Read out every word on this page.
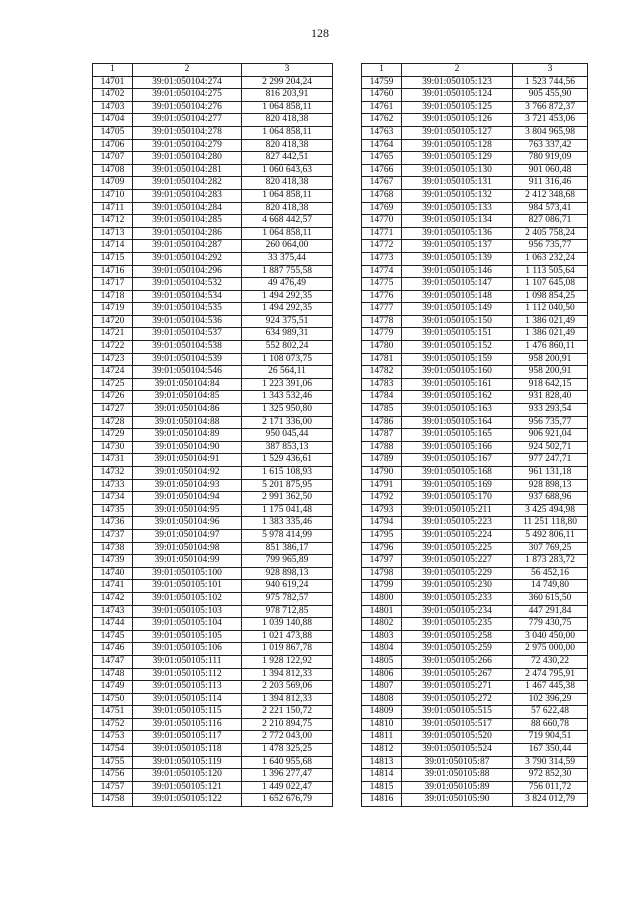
128
1	2	3
14701	39:01:050104:274	2 299 204,24
14702	39:01:050104:275	816 203,91
14703	39:01:050104:276	1 064 858,11
14704	39:01:050104:277	820 418,38
14705	39:01:050104:278	1 064 858,11
14706	39:01:050104:279	820 418,38
14707	39:01:050104:280	827 442,51
14708	39:01:050104:281	1 060 643,63
14709	39:01:050104:282	820 418,38
14710	39:01:050104:283	1 064 858,11
14711	39:01:050104:284	820 418,38
14712	39:01:050104:285	4 668 442,57
14713	39:01:050104:286	1 064 858,11
14714	39:01:050104:287	260 064,00
14715	39:01:050104:292	33 375,44
14716	39:01:050104:296	1 887 755,58
14717	39:01:050104:532	49 476,49
14718	39:01:050104:534	1 494 292,35
14719	39:01:050104:535	1 494 292,35
14720	39:01:050104:536	924 375,51
14721	39:01:050104:537	634 989,31
14722	39:01:050104:538	552 802,24
14723	39:01:050104:539	1 108 073,75
14724	39:01:050104:546	26 564,11
14725	39:01:050104:84	1 223 391,06
14726	39:01:050104:85	1 343 532,46
14727	39:01:050104:86	1 325 950,80
14728	39:01:050104:88	2 171 336,00
14729	39:01:050104:89	950 045,44
14730	39:01:050104:90	387 853,13
14731	39:01:050104:91	1 529 436,61
14732	39:01:050104:92	1 615 108,93
14733	39:01:050104:93	5 201 875,95
14734	39:01:050104:94	2 991 362,50
14735	39:01:050104:95	1 175 041,48
14736	39:01:050104:96	1 383 335,46
14737	39:01:050104:97	5 978 414,99
14738	39:01:050104:98	851 386,17
14739	39:01:050104:99	799 965,89
14740	39:01:050105:100	928 898,13
14741	39:01:050105:101	940 619,24
14742	39:01:050105:102	975 782,57
14743	39:01:050105:103	978 712,85
14744	39:01:050105:104	1 039 140,88
14745	39:01:050105:105	1 021 473,88
14746	39:01:050105:106	1 019 867,78
14747	39:01:050105:111	1 928 122,92
14748	39:01:050105:112	1 394 812,33
14749	39:01:050105:113	2 203 569,06
14750	39:01:050105:114	1 394 812,33
14751	39:01:050105:115	2 221 150,72
14752	39:01:050105:116	2 210 894,75
14753	39:01:050105:117	2 772 043,00
14754	39:01:050105:118	1 478 325,25
14755	39:01:050105:119	1 640 955,68
14756	39:01:050105:120	1 396 277,47
14757	39:01:050105:121	1 449 022,47
14758	39:01:050105:122	1 652 676,79
1	2	3
14759	39:01:050105:123	1 523 744,56
14760	39:01:050105:124	905 455,90
14761	39:01:050105:125	3 766 872,37
14762	39:01:050105:126	3 721 453,06
14763	39:01:050105:127	3 804 965,98
14764	39:01:050105:128	763 337,42
14765	39:01:050105:129	780 919,09
14766	39:01:050105:130	901 060,48
14767	39:01:050105:131	911 316,46
14768	39:01:050105:132	2 412 348,68
14769	39:01:050105:133	984 573,41
14770	39:01:050105:134	827 086,71
14771	39:01:050105:136	2 405 758,24
14772	39:01:050105:137	956 735,77
14773	39:01:050105:139	1 063 232,24
14774	39:01:050105:146	1 113 505,64
14775	39:01:050105:147	1 107 645,08
14776	39:01:050105:148	1 098 854,25
14777	39:01:050105:149	1 112 040,50
14778	39:01:050105:150	1 386 021,49
14779	39:01:050105:151	1 386 021,49
14780	39:01:050105:152	1 476 860,11
14781	39:01:050105:159	958 200,91
14782	39:01:050105:160	958 200,91
14783	39:01:050105:161	918 642,15
14784	39:01:050105:162	931 828,40
14785	39:01:050105:163	933 293,54
14786	39:01:050105:164	956 735,77
14787	39:01:050105:165	906 921,04
14788	39:01:050105:166	924 502,71
14789	39:01:050105:167	977 247,71
14790	39:01:050105:168	961 131,18
14791	39:01:050105:169	928 898,13
14792	39:01:050105:170	937 688,96
14793	39:01:050105:211	3 425 494,98
14794	39:01:050105:223	11 251 118,80
14795	39:01:050105:224	5 492 806,11
14796	39:01:050105:225	307 769,25
14797	39:01:050105:227	1 873 283,72
14798	39:01:050105:229	56 452,16
14799	39:01:050105:230	14 749,80
14800	39:01:050105:233	360 615,50
14801	39:01:050105:234	447 291,84
14802	39:01:050105:235	779 430,75
14803	39:01:050105:258	3 040 450,00
14804	39:01:050105:259	2 975 000,00
14805	39:01:050105:266	72 430,22
14806	39:01:050105:267	2 474 795,91
14807	39:01:050105:271	1 467 445,38
14808	39:01:050105:272	102 396,29
14809	39:01:050105:515	57 622,48
14810	39:01:050105:517	88 660,78
14811	39:01:050105:520	719 904,51
14812	39:01:050105:524	167 350,44
14813	39:01:050105:87	3 790 314,59
14814	39:01:050105:88	972 852,30
14815	39:01:050105:89	756 011,72
14816	39:01:050105:90	3 824 012,79
